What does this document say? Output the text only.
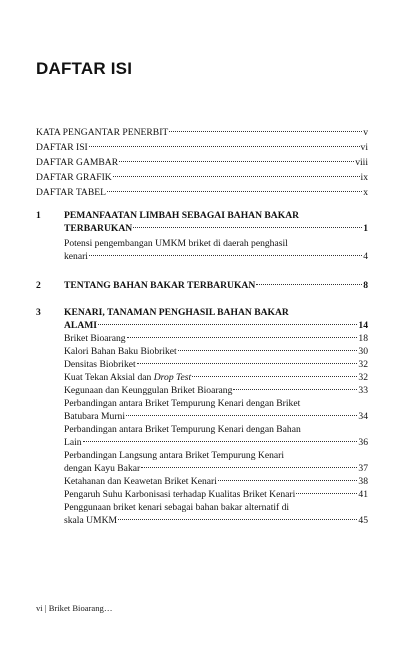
DAFTAR ISI
KATA PENGANTAR PENERBIT	v
DAFTAR ISI	vi
DAFTAR GAMBAR	viii
DAFTAR GRAFIK	ix
DAFTAR TABEL	x
1	PEMANFAATAN LIMBAH SEBAGAI BAHAN BAKAR
TERBARUKAN	1
Potensi pengembangan UMKM briket di daerah penghasil
kenari	4
2	TENTANG BAHAN BAKAR TERBARUKAN	8
3	KENARI, TANAMAN PENGHASIL BAHAN BAKAR
ALAMI	14
Briket Bioarang	18
Kalori Bahan Baku Biobriket	30
Densitas Biobriket	32
Kuat Tekan Aksial dan Drop Test	32
Kegunaan dan Keunggulan Briket Bioarang	33
Perbandingan antara Briket Tempurung Kenari dengan Briket
Batubara Murni	34
Perbandingan antara Briket Tempurung Kenari dengan Bahan
Lain	36
Perbandingan Langsung antara Briket Tempurung Kenari
dengan Kayu Bakar	37
Ketahanan dan Keawetan Briket Kenari	38
Pengaruh Suhu Karbonisasi terhadap Kualitas Briket Kenari	41
Penggunaan briket kenari sebagai bahan bakar alternatif di
skala UMKM	45
vi | Briket Bioarang…
